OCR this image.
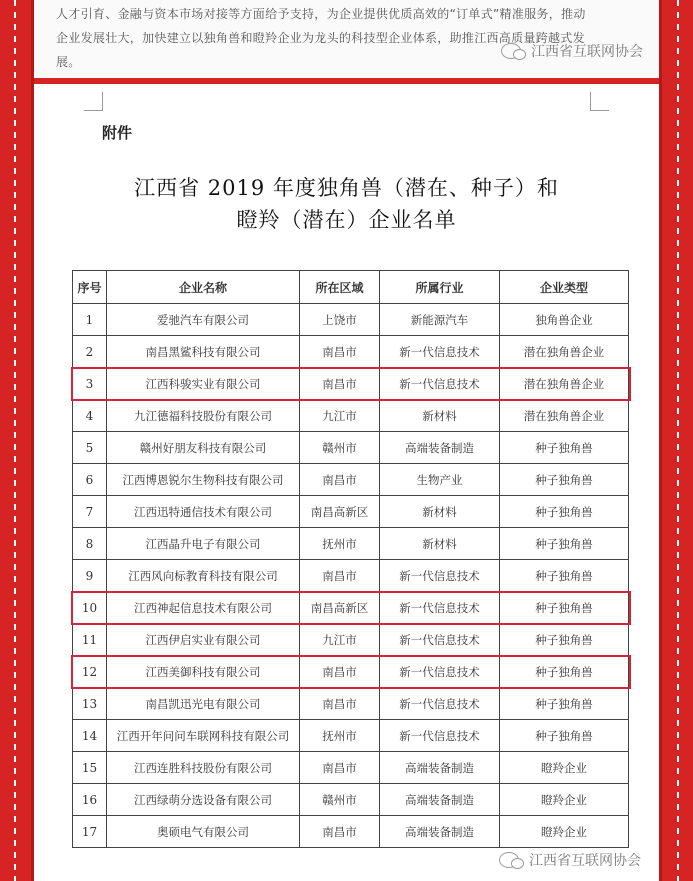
人才引育、金融与资本市场对接等方面给予支持，为企业提供优质高效的“订单式”精准服务，推动
企业发展壮大，加快建立以独角兽和瞪羚企业为龙头的科技型企业体系，助推江西高质量跨越式发
展。
江西省互联网协会
附件
江西省 2019 年度独角兽（潜在、种子）和
瞪羚（潜在）企业名单
序号	企业名称	所在区域	所属行业	企业类型
1	爱驰汽车有限公司	上饶市	新能源汽车	独角兽企业
2	南昌黑鲨科技有限公司	南昌市	新一代信息技术	潜在独角兽企业
3	江西科骏实业有限公司	南昌市	新一代信息技术	潜在独角兽企业
4	九江德福科技股份有限公司	九江市	新材料	潜在独角兽企业
5	赣州好朋友科技有限公司	赣州市	高端装备制造	种子独角兽
6	江西博恩锐尔生物科技有限公司	南昌市	生物产业	种子独角兽
7	江西迅特通信技术有限公司	南昌高新区	新材料	种子独角兽
8	江西晶升电子有限公司	抚州市	新材料	种子独角兽
9	江西风向标教育科技有限公司	南昌市	新一代信息技术	种子独角兽
10	江西神起信息技术有限公司	南昌高新区	新一代信息技术	种子独角兽
11	江西伊启实业有限公司	九江市	新一代信息技术	种子独角兽
12	江西美御科技有限公司	南昌市	新一代信息技术	种子独角兽
13	南昌凯迅光电有限公司	南昌市	新一代信息技术	种子独角兽
14	江西开年问问车联网科技有限公司	抚州市	新一代信息技术	种子独角兽
15	江西连胜科技股份有限公司	南昌市	高端装备制造	瞪羚企业
16	江西绿萌分选设备有限公司	赣州市	高端装备制造	瞪羚企业
17	奥硕电气有限公司	南昌市	高端装备制造	瞪羚企业
江西省互联网协会
